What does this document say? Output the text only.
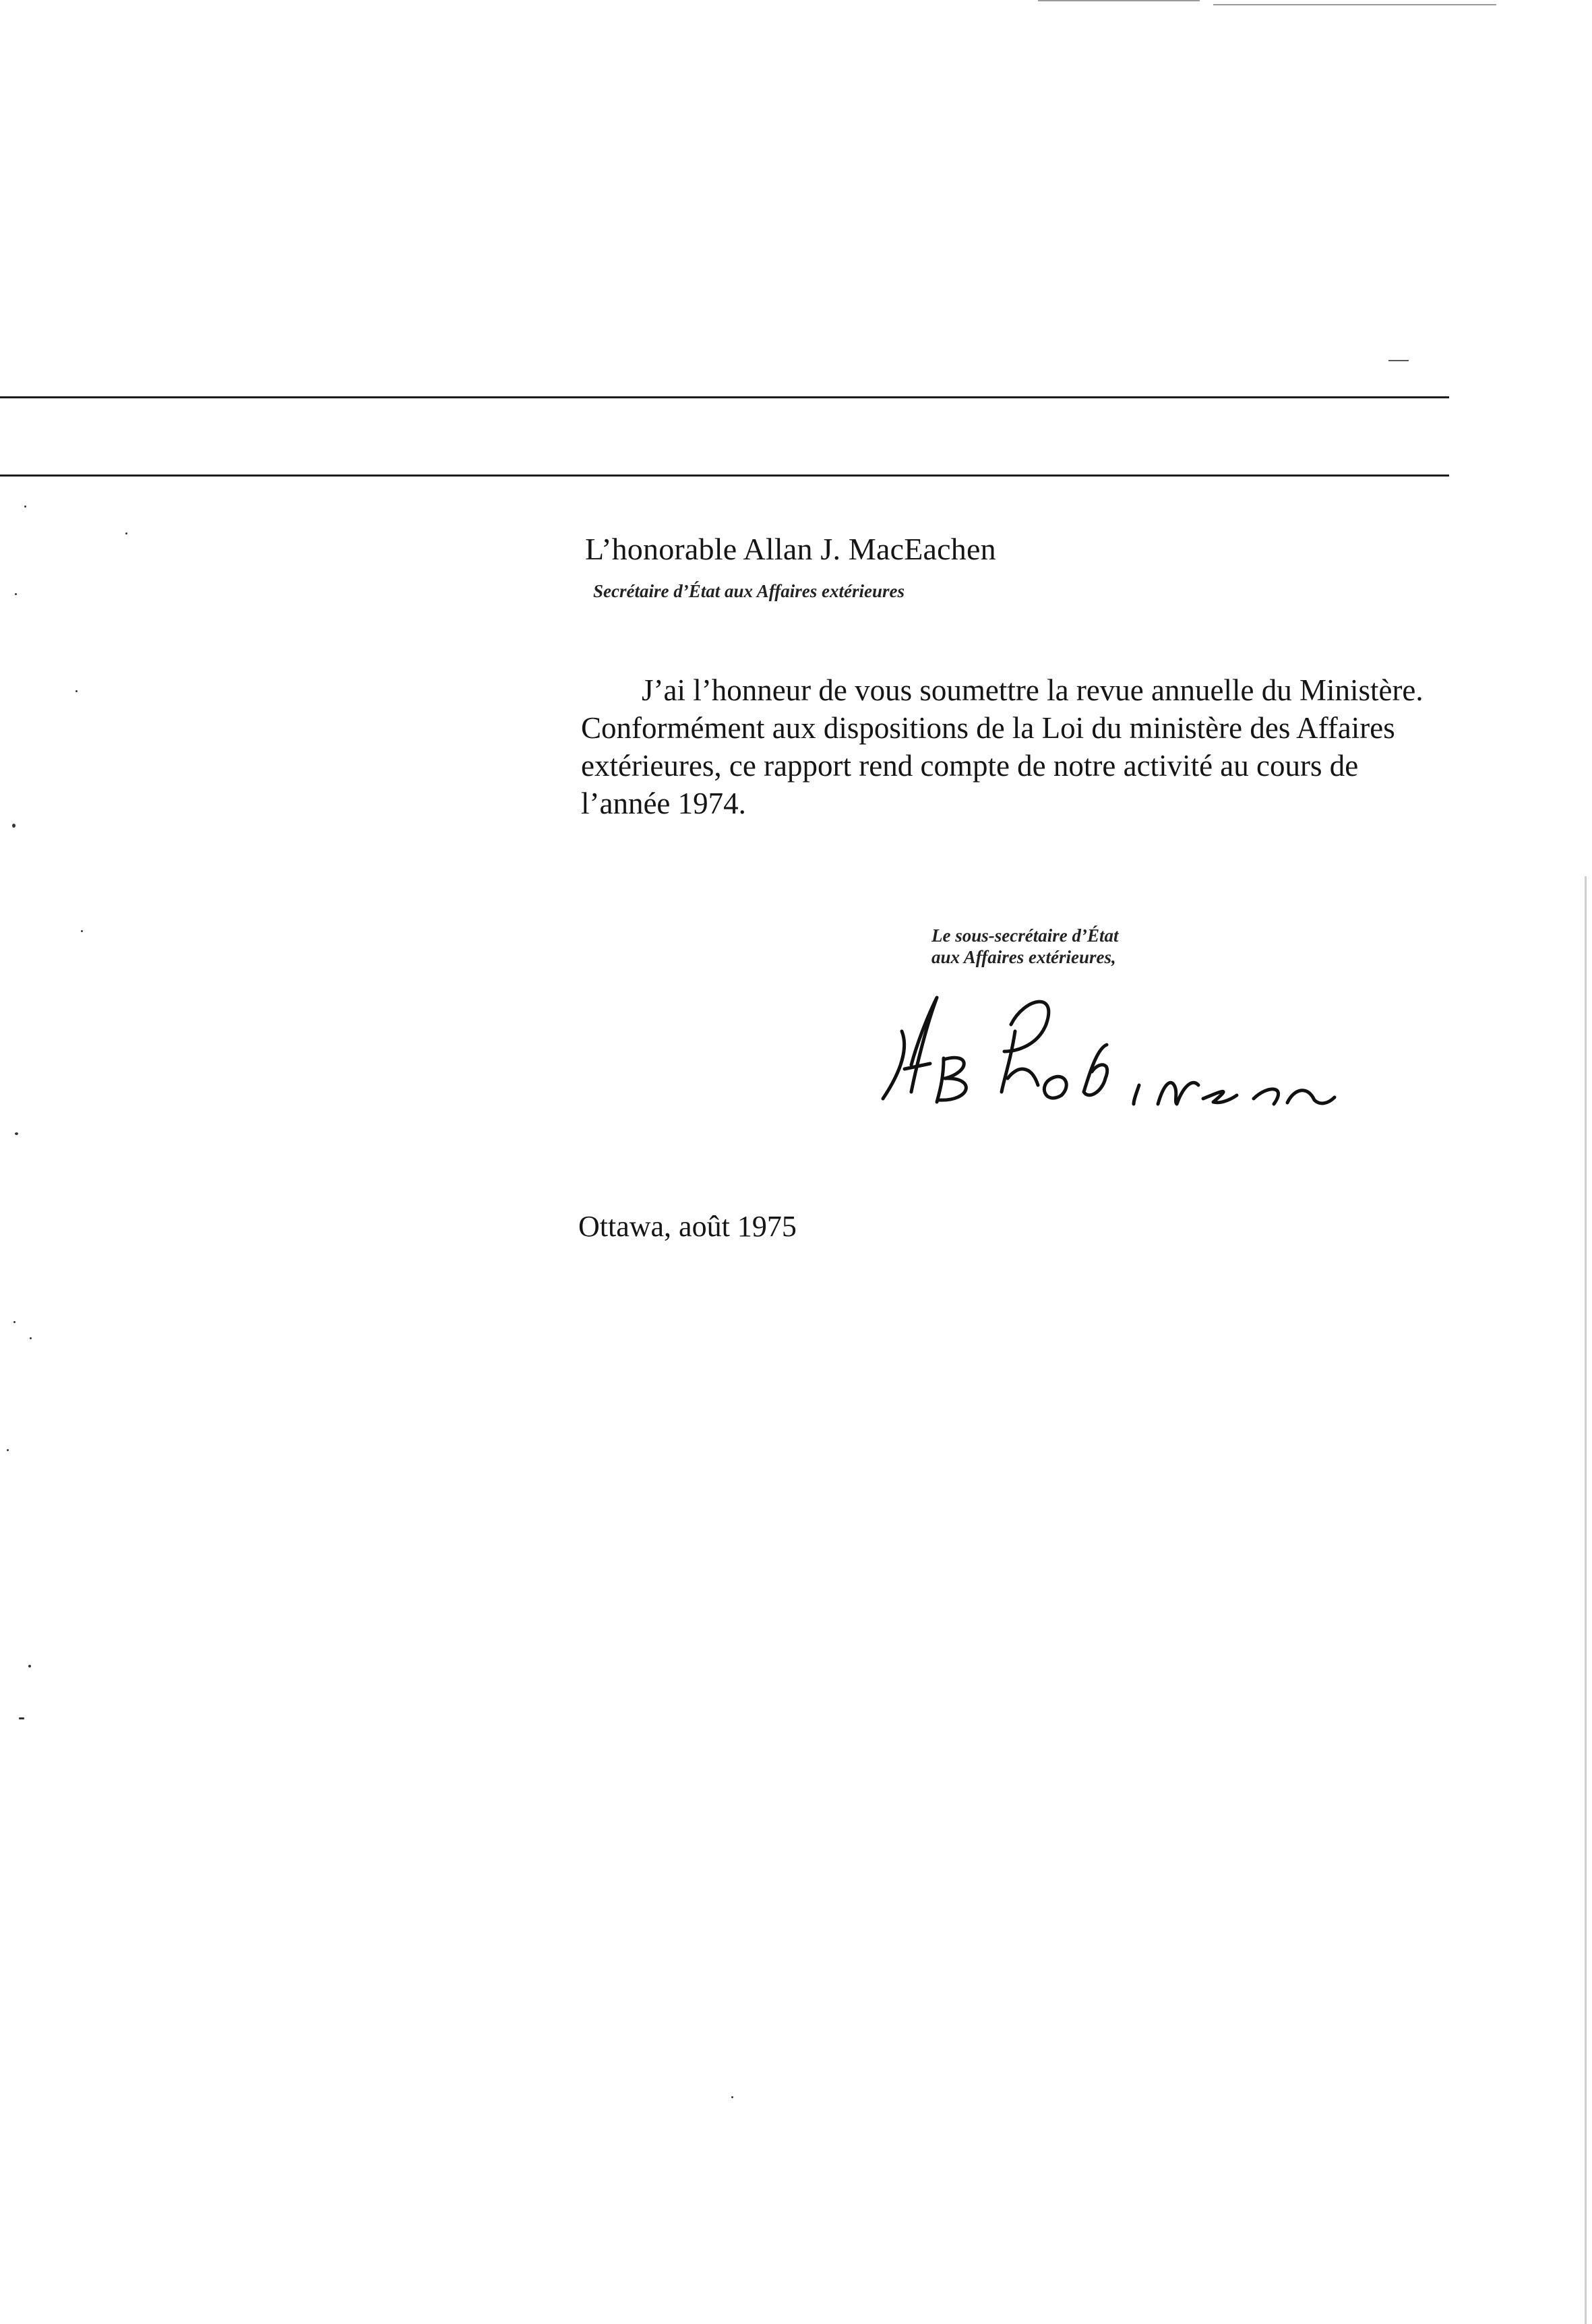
L’honorable Allan J. MacEachen
Secrétaire d’État aux Affaires extérieures
J’ai l’honneur de vous soumettre la revue annuelle du Ministère.
Conformément aux dispositions de la Loi du ministère des Affaires
extérieures, ce rapport rend compte de notre activité au cours de
l’année 1974.
Le sous-secrétaire d’État
aux Affaires extérieures,
Ottawa, août 1975
